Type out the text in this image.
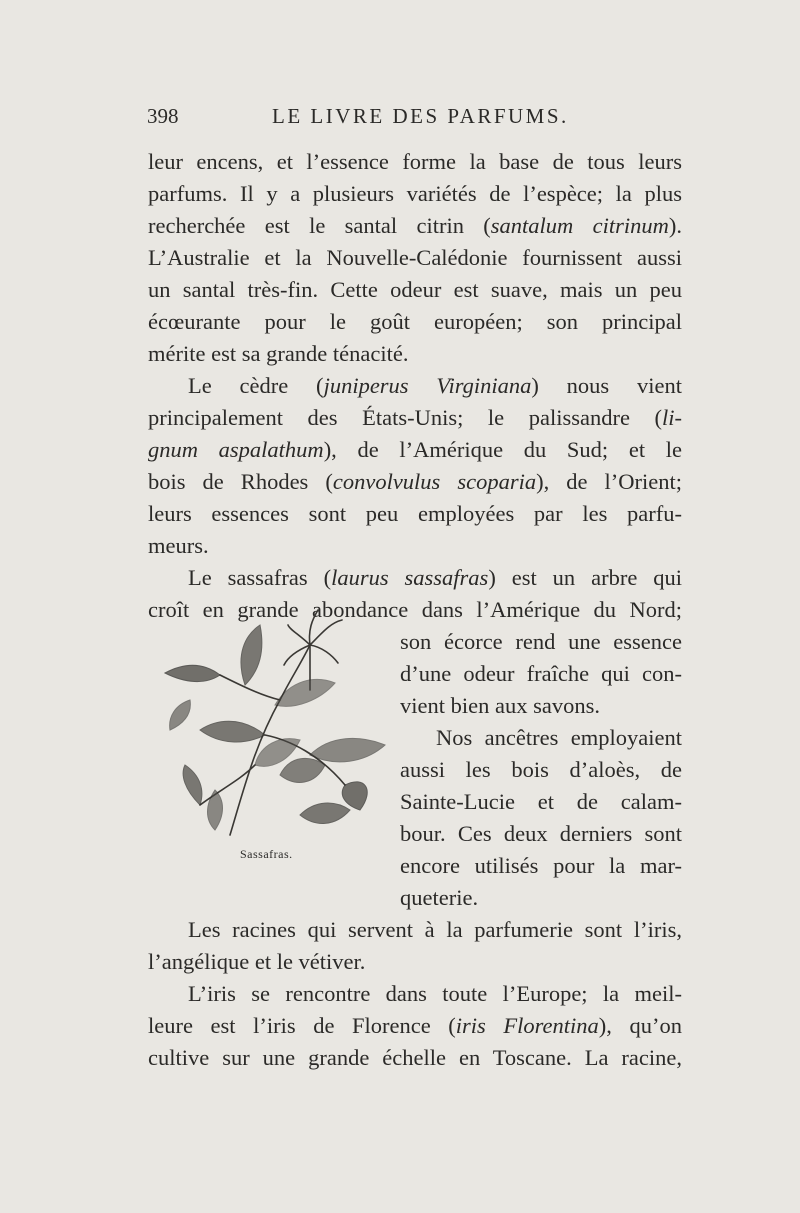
398	LE LIVRE DES PARFUMS.
leur encens, et l’essence forme la base de tous leurs
parfums. Il y a plusieurs variétés de l’espèce; la plus
recherchée est le santal citrin (santalum citrinum).
L’Australie et la Nouvelle-Calédonie fournissent aussi
un santal très-fin. Cette odeur est suave, mais un peu
écœurante pour le goût européen; son principal
mérite est sa grande ténacité.
Le cèdre (juniperus Virginiana) nous vient
principalement des États-Unis; le palissandre (li-
gnum aspalathum), de l’Amérique du Sud; et le
bois de Rhodes (convolvulus scoparia), de l’Orient;
leurs essences sont peu employées par les parfu-
meurs.
Le sassafras (laurus sassafras) est un arbre qui
croît en grande abondance dans l’Amérique du Nord;
son écorce rend une essence
d’une odeur fraîche qui con-
vient bien aux savons.
Nos ancêtres employaient
aussi les bois d’aloès, de
Sainte-Lucie et de calam-
bour. Ces deux derniers sont
encore utilisés pour la mar-
queterie.
Les racines qui servent à la parfumerie sont l’iris,
l’angélique et le vétiver.
L’iris se rencontre dans toute l’Europe; la meil-
leure est l’iris de Florence (iris Florentina), qu’on
cultive sur une grande échelle en Toscane. La racine,
Sassafras.
